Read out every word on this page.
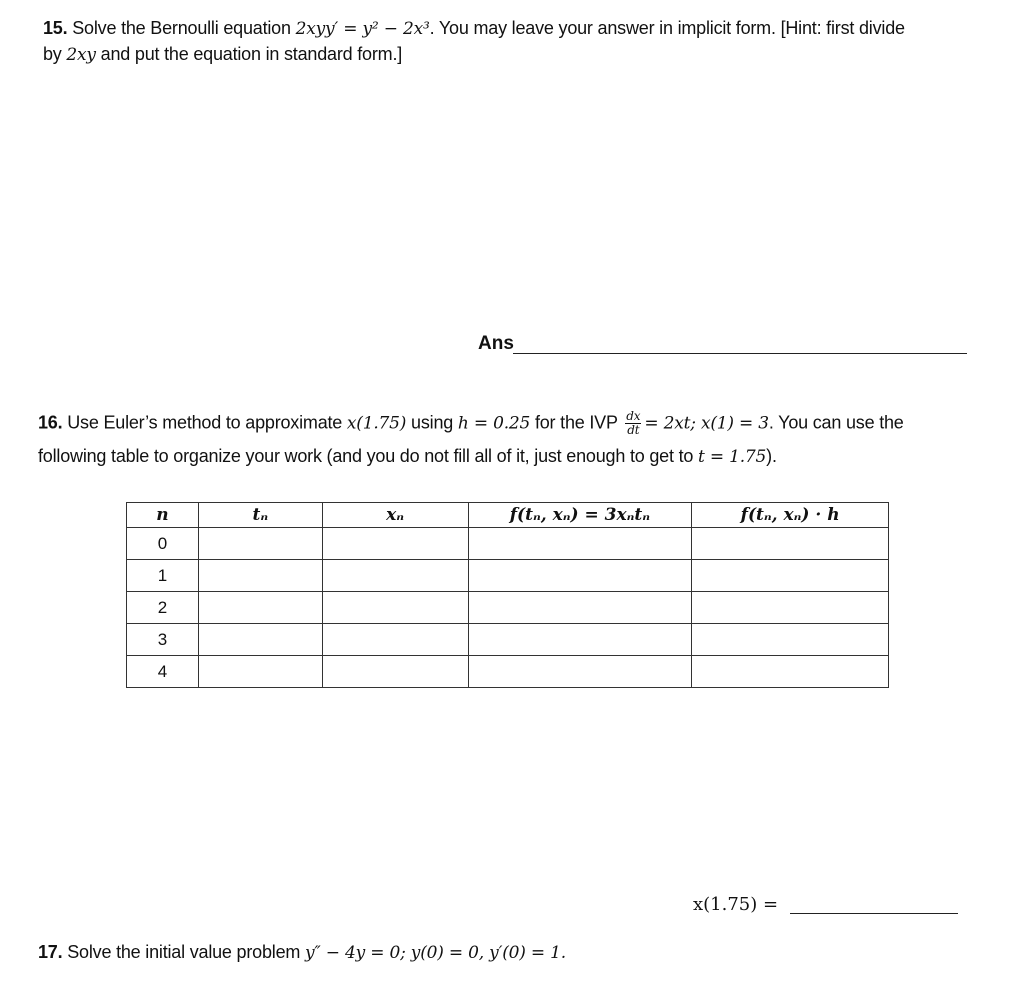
15. Solve the Bernoulli equation 2xyy′ = y² − 2x³. You may leave your answer in implicit form. [Hint: first divide
by 2xy and put the equation in standard form.]
Ans
16. Use Euler’s method to approximate x(1.75) using h = 0.25 for the IVP $\frac{dx}{dt} = 2xt$; x(1) = 3. You can use the
following table to organize your work (and you do not fill all of it, just enough to get to t = 1.75).
n	tₙ	xₙ	f(tₙ, xₙ) = 3xₙtₙ	f(tₙ, xₙ) · h
0				
1				
2				
3				
4				
x(1.75) =
17. Solve the initial value problem y″ − 4y = 0; y(0) = 0, y′(0) = 1.
